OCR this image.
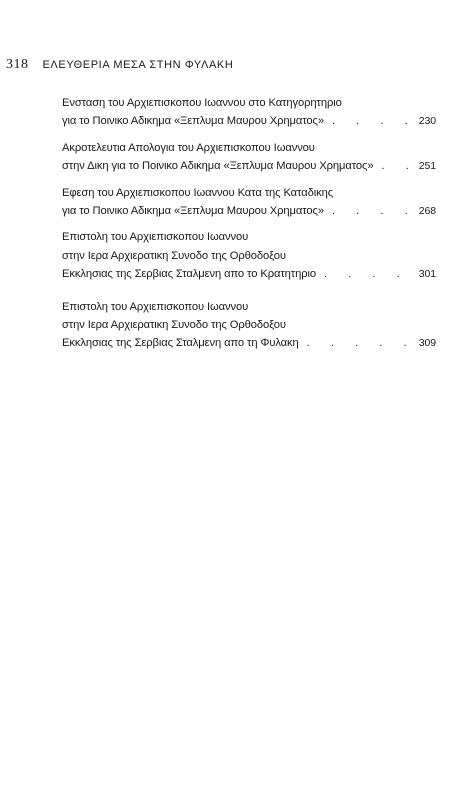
318 ΕΛΕΥΘΕΡΙΑ ΜΕΣΑ ΣΤΗΝ ΦΥΛΑΚΗ
Ενσταση του Αρχιεπισκοπου Ιωαννου στο Κατηγορητηριο
για το Ποινικο Αδικημα «Ξεπλυμα Μαυρου Χρηματος» . . .	230
Ακροτελευτια Απολογια του Αρχιεπισκοπου Ιωαννου
στην Δικη για το Ποινικο Αδικημα «Ξεπλυμα Μαυρου Χρηματος» . . .	251
Εφεση του Αρχιεπισκοπου Ιωαννου Κατα της Καταδικης
για το Ποινικο Αδικημα «Ξεπλυμα Μαυρου Χρηματος» . . .	268
Επιστολη του Αρχιεπισκοπου Ιωαννου
στην Ιερα Αρχιερατικη Συνοδο της Ορθοδοξου
Εκκλησιας της Σερβιας Σταλμενη απο το Κρατητηριο . . .	301
Επιστολη του Αρχιεπισκοπου Ιωαννου
στην Ιερα Αρχιερατικη Συνοδο της Ορθοδοξου
Εκκλησιας της Σερβιας Σταλμενη απο τη Φυλακη . . .	309
